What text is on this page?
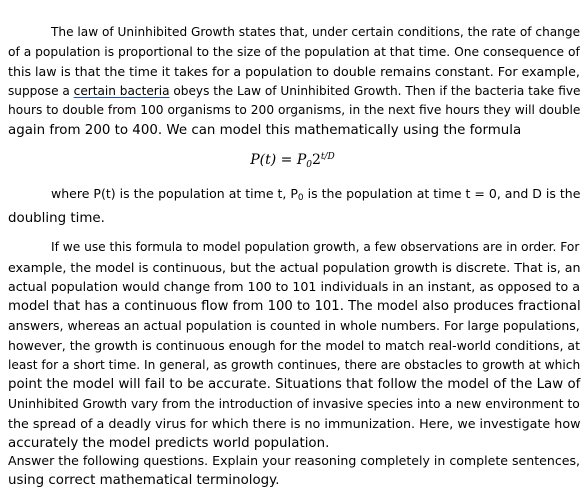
The law of Uninhibited Growth states that, under certain conditions, the rate of change
of a population is proportional to the size of the population at that time. One consequence of
this law is that the time it takes for a population to double remains constant. For example,
suppose a certain bacteria obeys the Law of Uninhibited Growth. Then if the bacteria take five
hours to double from 100 organisms to 200 organisms, in the next five hours they will double
again from 200 to 400. We can model this mathematically using the formula
$P(t) = P_02^{t/D}$
where P(t) is the population at time t, P0 is the population at time t = 0, and D is the
doubling time.
If we use this formula to model population growth, a few observations are in order. For
example, the model is continuous, but the actual population growth is discrete. That is, an
actual population would change from 100 to 101 individuals in an instant, as opposed to a
model that has a continuous flow from 100 to 101. The model also produces fractional
answers, whereas an actual population is counted in whole numbers. For large populations,
however, the growth is continuous enough for the model to match real-world conditions, at
least for a short time. In general, as growth continues, there are obstacles to growth at which
point the model will fail to be accurate. Situations that follow the model of the Law of
Uninhibited Growth vary from the introduction of invasive species into a new environment to
the spread of a deadly virus for which there is no immunization. Here, we investigate how
accurately the model predicts world population.
Answer the following questions. Explain your reasoning completely in complete sentences,
using correct mathematical terminology.
